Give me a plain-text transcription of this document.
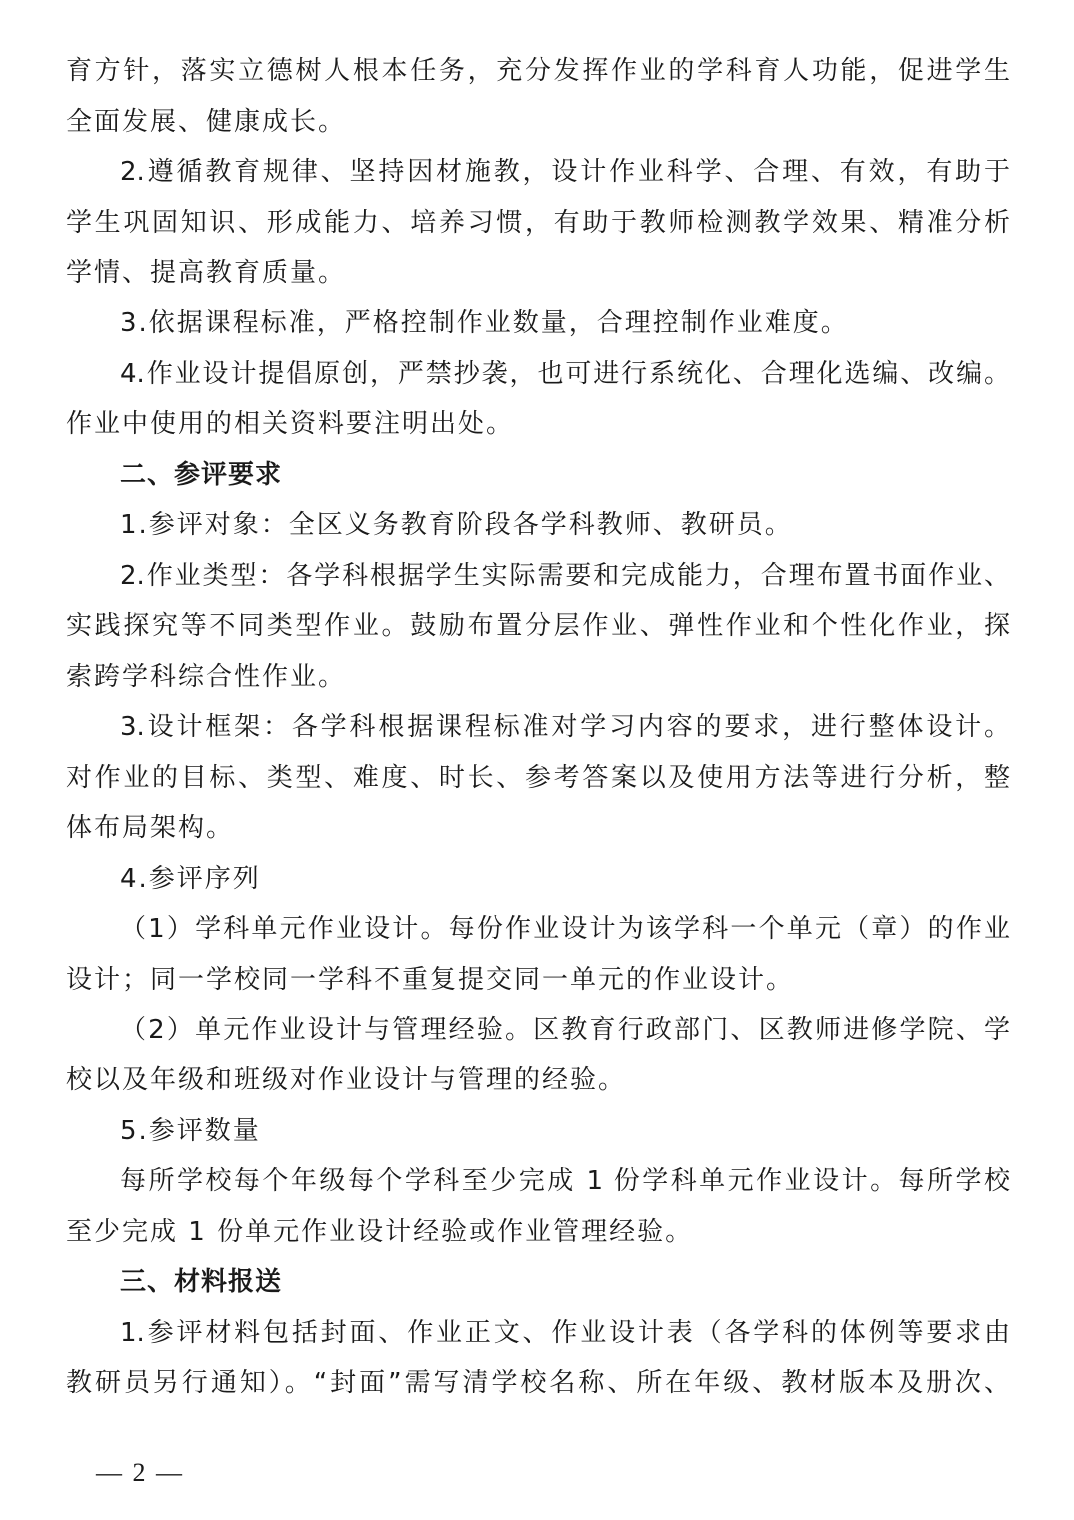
育方针，落实立德树人根本任务，充分发挥作业的学科育人功能，促进学生
全面发展、健康成长。
2.遵循教育规律、坚持因材施教，设计作业科学、合理、有效，有助于
学生巩固知识、形成能力、培养习惯，有助于教师检测教学效果、精准分析
学情、提高教育质量。
3.依据课程标准，严格控制作业数量，合理控制作业难度。
4.作业设计提倡原创，严禁抄袭，也可进行系统化、合理化选编、改编。
作业中使用的相关资料要注明出处。
二、参评要求
1.参评对象：全区义务教育阶段各学科教师、教研员。
2.作业类型：各学科根据学生实际需要和完成能力，合理布置书面作业、
实践探究等不同类型作业。鼓励布置分层作业、弹性作业和个性化作业，探
索跨学科综合性作业。
3.设计框架：各学科根据课程标准对学习内容的要求，进行整体设计。
对作业的目标、类型、难度、时长、参考答案以及使用方法等进行分析，整
体布局架构。
4.参评序列
（1）学科单元作业设计。每份作业设计为该学科一个单元（章）的作业
设计；同一学校同一学科不重复提交同一单元的作业设计。
（2）单元作业设计与管理经验。区教育行政部门、区教师进修学院、学
校以及年级和班级对作业设计与管理的经验。
5.参评数量
每所学校每个年级每个学科至少完成 1 份学科单元作业设计。每所学校
至少完成 1 份单元作业设计经验或作业管理经验。
三、材料报送
1.参评材料包括封面、作业正文、作业设计表（各学科的体例等要求由
教研员另行通知）。“封面”需写清学校名称、所在年级、教材版本及册次、
— 2 —
